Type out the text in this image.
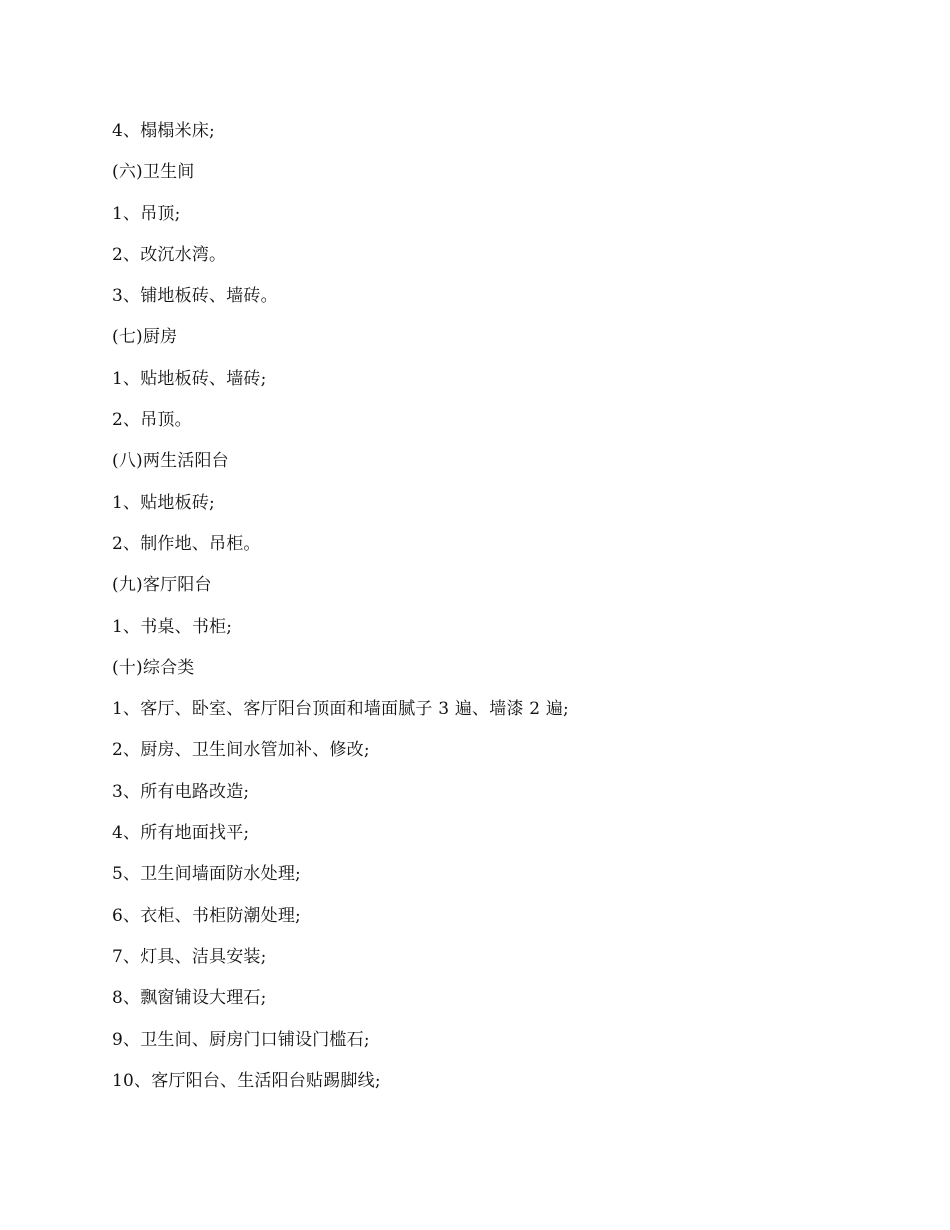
4、榻榻米床;
(六)卫生间
1、吊顶;
2、改沉水湾。
3、铺地板砖、墙砖。
(七)厨房
1、贴地板砖、墙砖;
2、吊顶。
(八)两生活阳台
1、贴地板砖;
2、制作地、吊柜。
(九)客厅阳台
1、书桌、书柜;
(十)综合类
1、客厅、卧室、客厅阳台顶面和墙面腻子 3 遍、墙漆 2 遍;
2、厨房、卫生间水管加补、修改;
3、所有电路改造;
4、所有地面找平;
5、卫生间墙面防水处理;
6、衣柜、书柜防潮处理;
7、灯具、洁具安装;
8、飘窗铺设大理石;
9、卫生间、厨房门口铺设门槛石;
10、客厅阳台、生活阳台贴踢脚线;
